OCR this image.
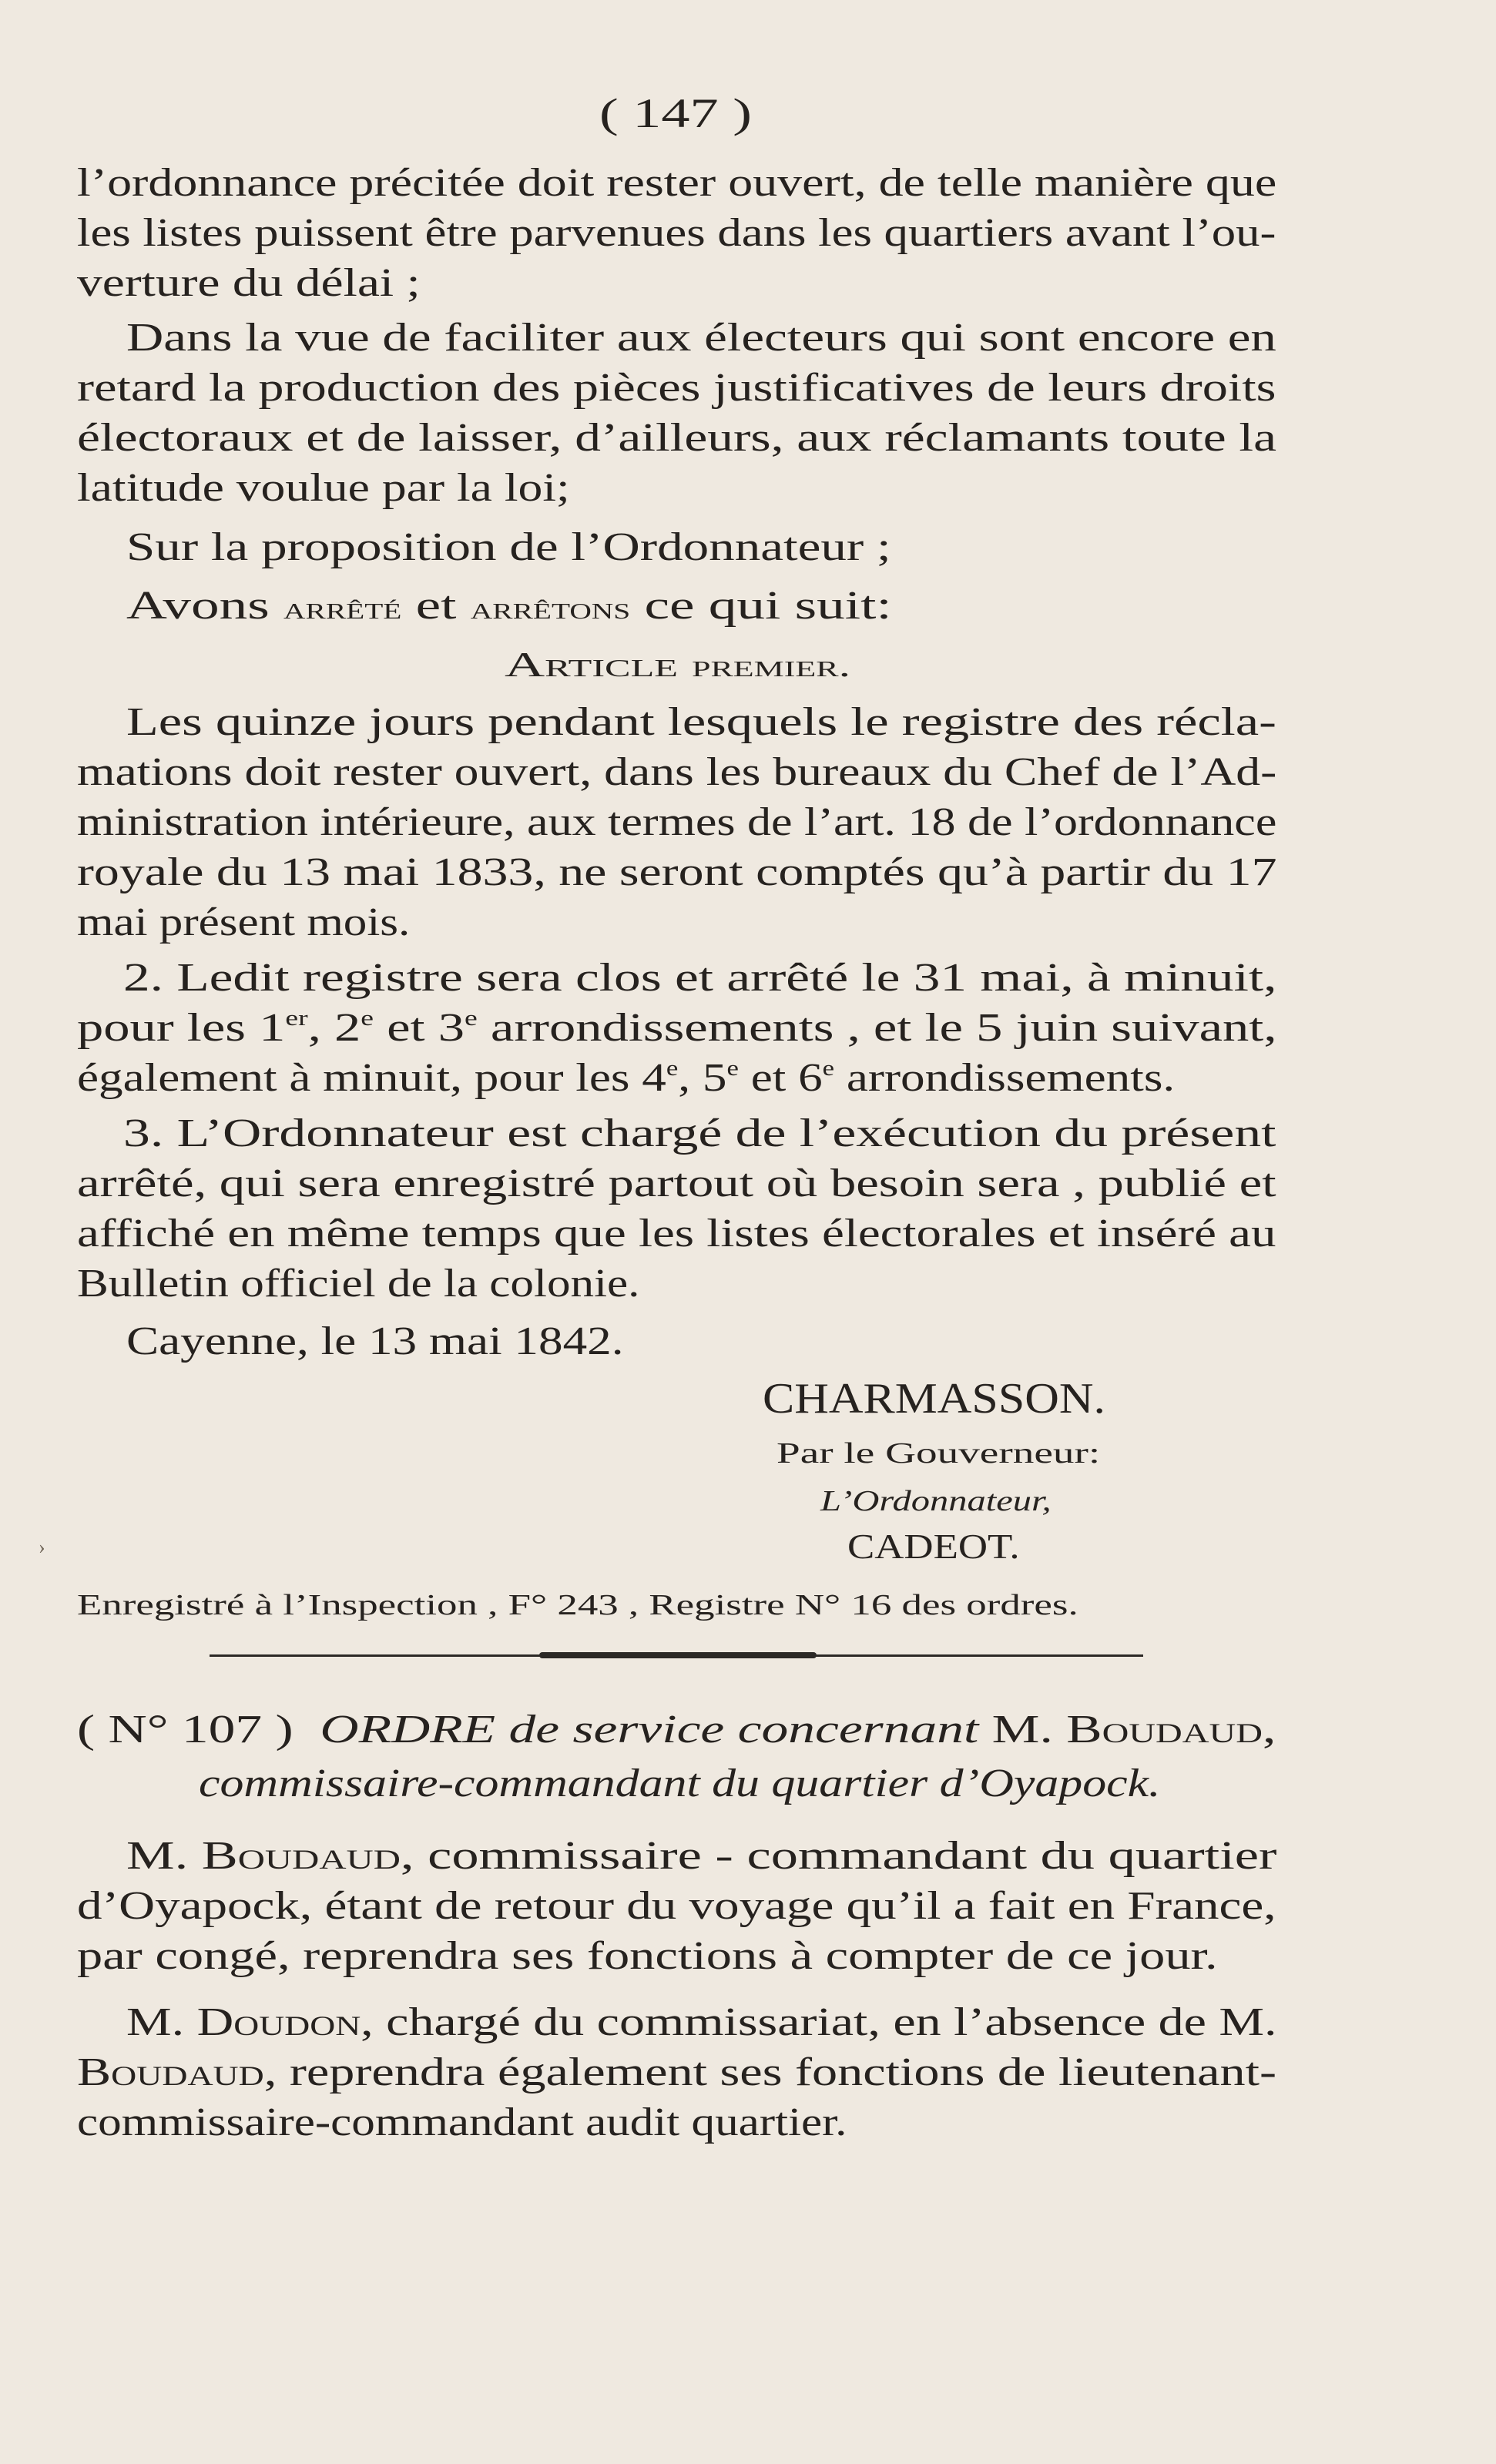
( 147 )

l’ordonnance précitée doit rester ouvert, de telle manière que

les listes puissent être parvenues dans les quartiers avant l’ou-

verture du délai ;

Dans la vue de faciliter aux électeurs qui sont encore en

retard la production des pièces justificatives de leurs droits

électoraux et de laisser, d’ailleurs, aux réclamants toute la

latitude voulue par la loi;

Sur la proposition de l’Ordonnateur ;

Avons arrêté et arrêtons ce qui suit:

Article premier.

Les quinze jours pendant lesquels le registre des récla-

mations doit rester ouvert, dans les bureaux du Chef de l’Ad-

ministration intérieure, aux termes de l’art. 18 de l’ordonnance

royale du 13 mai 1833, ne seront comptés qu’à partir du 17

mai présent mois.

2. Ledit registre sera clos et arrêté le 31 mai, à minuit,

pour les 1er, 2e et 3e arrondissements , et le 5 juin suivant,

également à minuit, pour les 4e, 5e et 6e arrondissements.

3. L’Ordonnateur est chargé de l’exécution du présent

arrêté, qui sera enregistré partout où besoin sera , publié et

affiché en même temps que les listes électorales et inséré au

Bulletin officiel de la colonie.

Cayenne, le 13 mai 1842.

CHARMASSON.

Par le Gouverneur:

L’Ordonnateur,

CADEOT.

›

Enregistré à l’Inspection , F° 243 , Registre N° 16 des ordres.

( N° 107 ) ORDRE de service concernant M. Boudaud,

commissaire-commandant du quartier d’Oyapock.

M. Boudaud, commissaire - commandant du quartier

d’Oyapock, étant de retour du voyage qu’il a fait en France,

par congé, reprendra ses fonctions à compter de ce jour.

M. Doudon, chargé du commissariat, en l’absence de M.

Boudaud, reprendra également ses fonctions de lieutenant-

commissaire-commandant audit quartier.
